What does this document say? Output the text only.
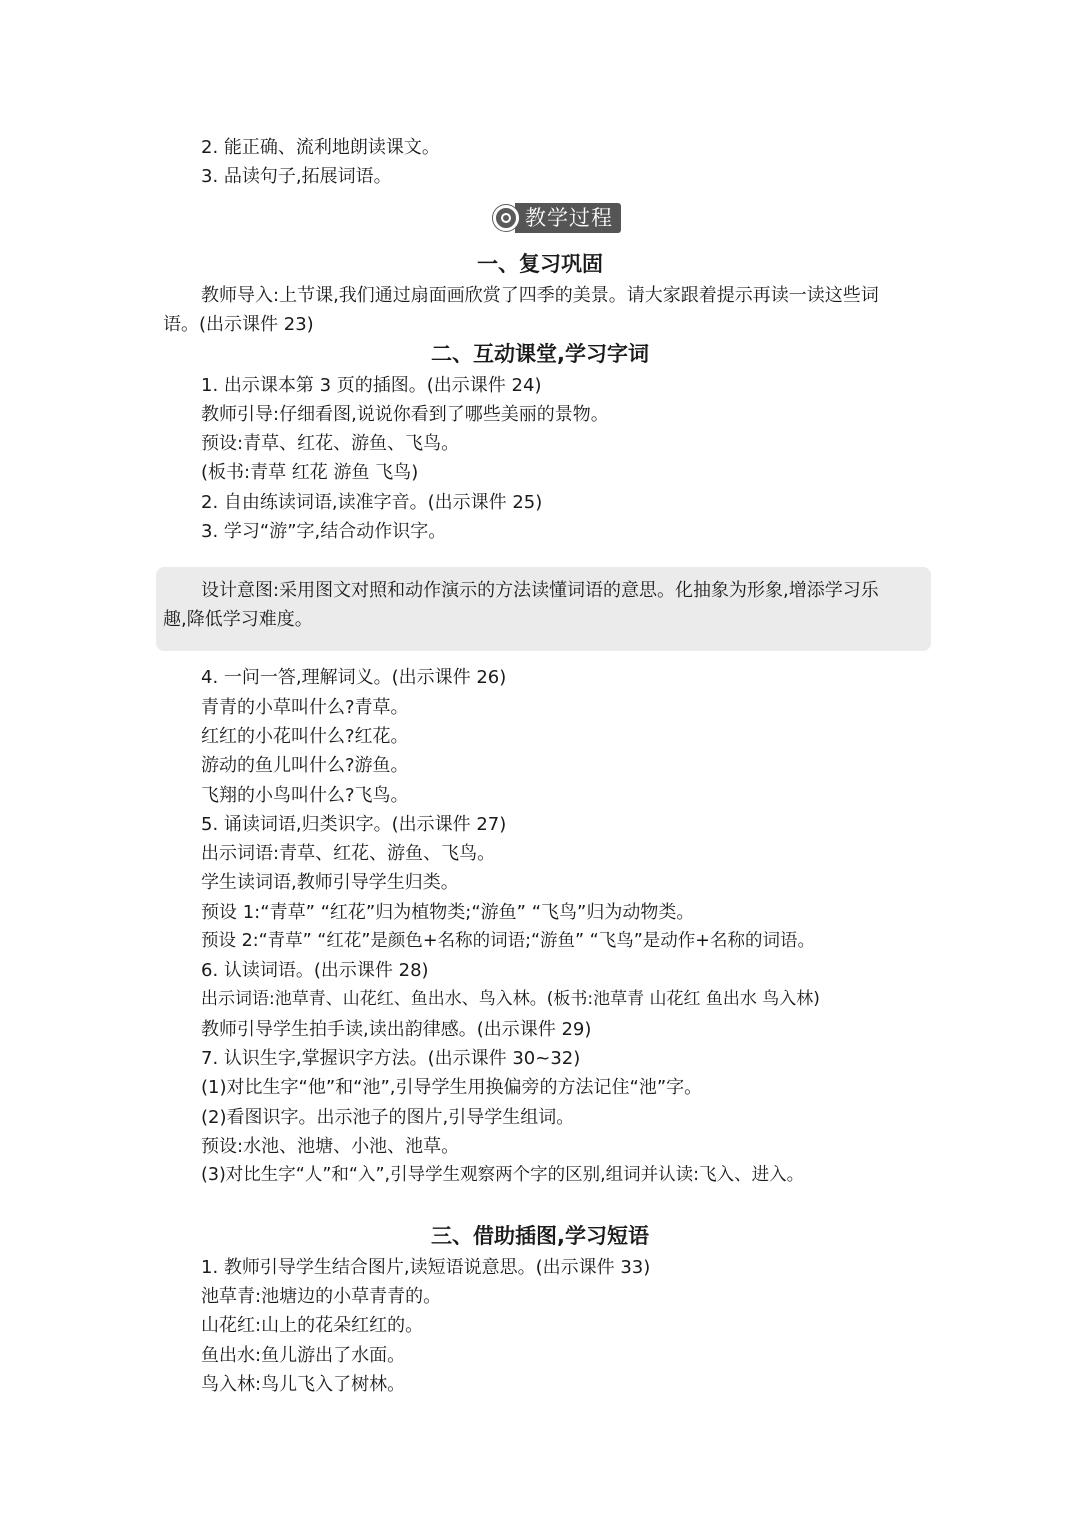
2. 能正确、流利地朗读课文。

3. 品读句子,拓展词语。

教学过程
一、复习巩固

教师导入:上节课,我们通过扇面画欣赏了四季的美景。请大家跟着提示再读一读这些词

语。(出示课件 23)

二、互动课堂,学习字词

1. 出示课本第 3 页的插图。(出示课件 24)

教师引导:仔细看图,说说你看到了哪些美丽的景物。

预设:青草、红花、游鱼、飞鸟。

(板书:青草 红花 游鱼 飞鸟)

2. 自由练读词语,读准字音。(出示课件 25)

3. 学习“游”字,结合动作识字。

设计意图:采用图文对照和动作演示的方法读懂词语的意思。化抽象为形象,增添学习乐

趣,降低学习难度。

4. 一问一答,理解词义。(出示课件 26)

青青的小草叫什么?青草。

红红的小花叫什么?红花。

游动的鱼儿叫什么?游鱼。

飞翔的小鸟叫什么?飞鸟。

5. 诵读词语,归类识字。(出示课件 27)

出示词语:青草、红花、游鱼、飞鸟。

学生读词语,教师引导学生归类。

预设 1:“青草” “红花”归为植物类;“游鱼” “飞鸟”归为动物类。

预设 2:“青草” “红花”是颜色+名称的词语;“游鱼” “飞鸟”是动作+名称的词语。

6. 认读词语。(出示课件 28)

出示词语:池草青、山花红、鱼出水、鸟入林。(板书:池草青 山花红 鱼出水 鸟入林)

教师引导学生拍手读,读出韵律感。(出示课件 29)

7. 认识生字,掌握识字方法。(出示课件 30~32)

(1)对比生字“他”和“池”,引导学生用换偏旁的方法记住“池”字。

(2)看图识字。出示池子的图片,引导学生组词。

预设:水池、池塘、小池、池草。

(3)对比生字“人”和“入”,引导学生观察两个字的区别,组词并认读:飞入、进入。

三、借助插图,学习短语

1. 教师引导学生结合图片,读短语说意思。(出示课件 33)

池草青:池塘边的小草青青的。

山花红:山上的花朵红红的。

鱼出水:鱼儿游出了水面。

鸟入林:鸟儿飞入了树林。
